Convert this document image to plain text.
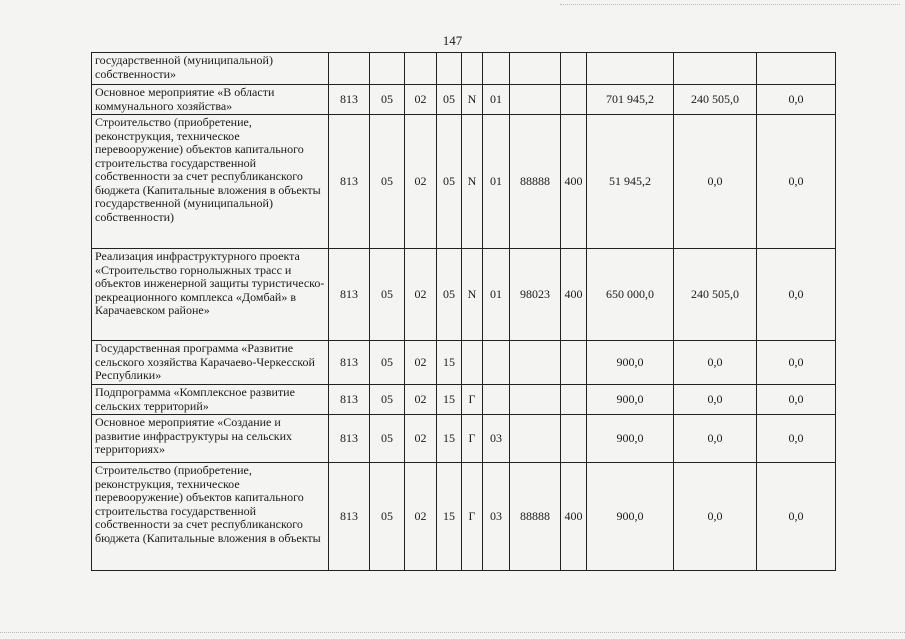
147
	государственной (муниципальной) собственности»											
	Основное мероприятие «В области коммунального хозяйства»	813	05	02	05	N	01			701 945,2	240 505,0	0,0
	Строительство (приобретение, реконструкция, техническое перевооружение) объектов капитального строительства государственной собственности за счет республиканского бюджета (Капитальные вложения в объекты государственной (муниципальной) собственности)	813	05	02	05	N	01	88888	400	51 945,2	0,0	0,0
	Реализация инфраструктурного проекта «Строительство горнолыжных трасс и объектов инженерной защиты туристическо-рекреационного комплекса «Домбай» в Карачаевском районе»	813	05	02	05	N	01	98023	400	650 000,0	240 505,0	0,0
	Государственная программа «Развитие сельского хозяйства Карачаево-Черкесской Республики»	813	05	02	15					900,0	0,0	0,0
	Подпрограмма «Комплексное развитие сельских территорий»	813	05	02	15	Г				900,0	0,0	0,0
	Основное мероприятие «Создание и развитие инфраструктуры на сельских территориях»	813	05	02	15	Г	03			900,0	0,0	0,0
	Строительство (приобретение, реконструкция, техническое перевооружение) объектов капитального строительства государственной собственности за счет республиканского бюджета (Капитальные вложения в объекты	813	05	02	15	Г	03	88888	400	900,0	0,0	0,0
